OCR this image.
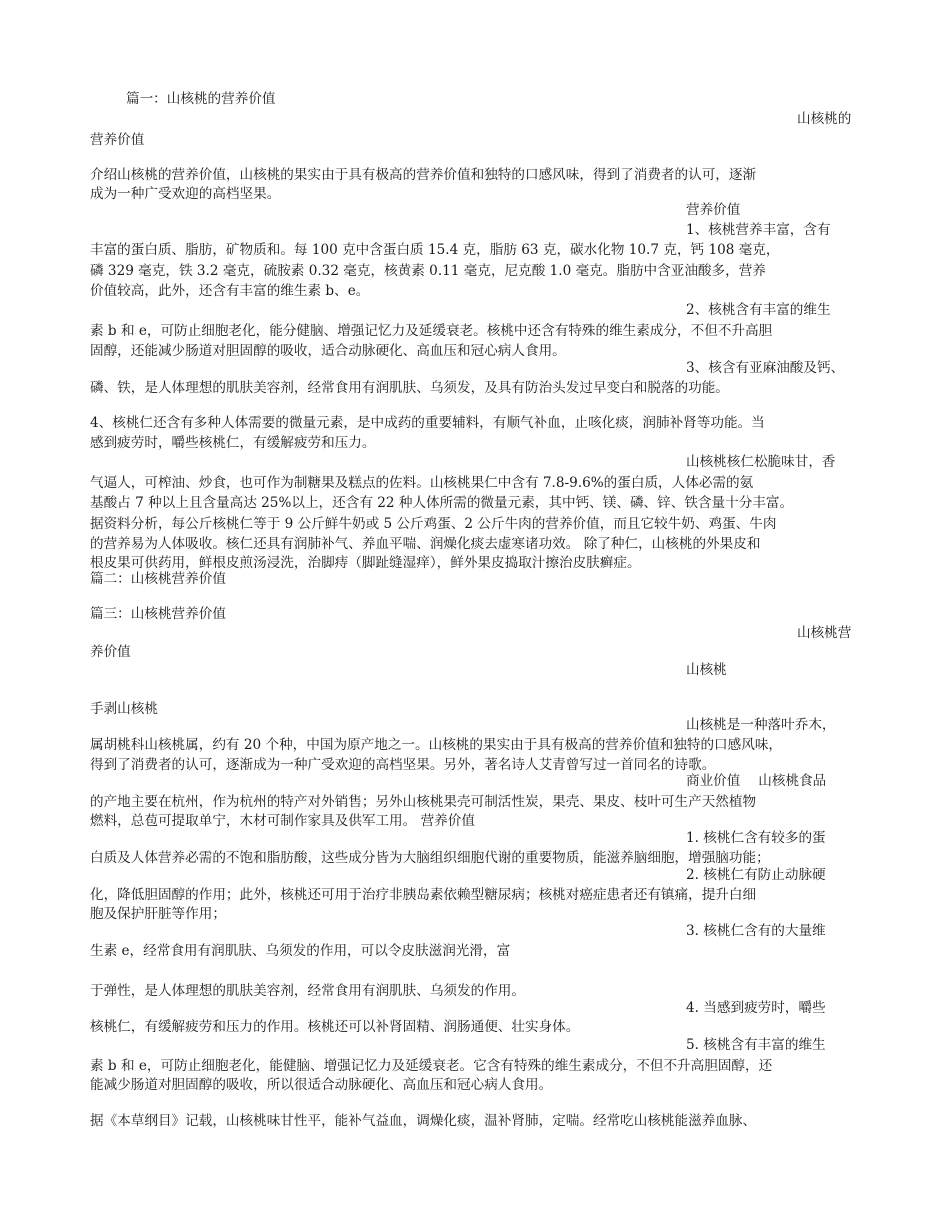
篇一：山核桃的营养价值
山核桃的
营养价值
介绍山核桃的营养价值，山核桃的果实由于具有极高的营养价值和独特的口感风味，得到了消费者的认可，逐渐
成为一种广受欢迎的高档坚果。
营养价值
1、核桃营养丰富，含有
丰富的蛋白质、脂肪，矿物质和。每 100 克中含蛋白质 15.4 克，脂肪 63 克，碳水化物 10.7 克，钙 108 毫克，
磷 329 毫克，铁 3.2 毫克，硫胺素 0.32 毫克，核黄素 0.11 毫克，尼克酸 1.0 毫克。脂肪中含亚油酸多，营养
价值较高，此外，还含有丰富的维生素 b、e。
2、核桃含有丰富的维生
素 b 和 e，可防止细胞老化，能分健脑、增强记忆力及延缓衰老。核桃中还含有特殊的维生素成分，不但不升高胆
固醇，还能减少肠道对胆固醇的吸收，适合动脉硬化、高血压和冠心病人食用。
3、核含有亚麻油酸及钙、
磷、铁，是人体理想的肌肤美容剂，经常食用有润肌肤、乌须发，及具有防治头发过早变白和脱落的功能。
4、核桃仁还含有多种人体需要的微量元素，是中成药的重要辅料，有顺气补血，止咳化痰，润肺补肾等功能。当
感到疲劳时，嚼些核桃仁，有缓解疲劳和压力。
山核桃核仁松脆味甘，香
气逼人，可榨油、炒食，也可作为制糖果及糕点的佐料。山核桃果仁中含有 7.8-9.6%的蛋白质，人体必需的氨
基酸占 7 种以上且含量高达 25%以上，还含有 22 种人体所需的微量元素，其中钙、镁、磷、锌、铁含量十分丰富。
据资料分析，每公斤核桃仁等于 9 公斤鲜牛奶或 5 公斤鸡蛋、2 公斤牛肉的营养价值，而且它较牛奶、鸡蛋、牛肉
的营养易为人体吸收。核仁还具有润肺补气、养血平喘、润燥化痰去虚寒诸功效。 除了种仁，山核桃的外果皮和
根皮果可供药用，鲜根皮煎汤浸洗，治脚痔（脚趾缝湿痒），鲜外果皮捣取汁擦治皮肤癣症。
篇二：山核桃营养价值
篇三：山核桃营养价值
山核桃营
养价值
山核桃
手剥山核桃
山核桃是一种落叶乔木，
属胡桃科山核桃属，约有 20 个种，中国为原产地之一。山核桃的果实由于具有极高的营养价值和独特的口感风味，
得到了消费者的认可，逐渐成为一种广受欢迎的高档坚果。另外，著名诗人艾青曾写过一首同名的诗歌。
商业价值　 山核桃食品
的产地主要在杭州，作为杭州的特产对外销售；另外山核桃果壳可制活性炭，果壳、果皮、枝叶可生产天然植物
燃料，总苞可提取单宁，木材可制作家具及供军工用。 营养价值
1. 核桃仁含有较多的蛋
白质及人体营养必需的不饱和脂肪酸，这些成分皆为大脑组织细胞代谢的重要物质，能滋养脑细胞，增强脑功能；
2. 核桃仁有防止动脉硬
化，降低胆固醇的作用；此外，核桃还可用于治疗非胰岛素依赖型糖尿病；核桃对癌症患者还有镇痛，提升白细
胞及保护肝脏等作用；
3. 核桃仁含有的大量维
生素 e，经常食用有润肌肤、乌须发的作用，可以令皮肤滋润光滑，富
于弹性，是人体理想的肌肤美容剂，经常食用有润肌肤、乌须发的作用。
4. 当感到疲劳时，嚼些
核桃仁，有缓解疲劳和压力的作用。核桃还可以补肾固精、润肠通便、壮实身体。
5. 核桃含有丰富的维生
素 b 和 e，可防止细胞老化，能健脑、增强记忆力及延缓衰老。它含有特殊的维生素成分，不但不升高胆固醇，还
能减少肠道对胆固醇的吸收，所以很适合动脉硬化、高血压和冠心病人食用。
据《本草纲目》记载，山核桃味甘性平，能补气益血，调燥化痰，温补肾肺，定喘。经常吃山核桃能滋养血脉、
